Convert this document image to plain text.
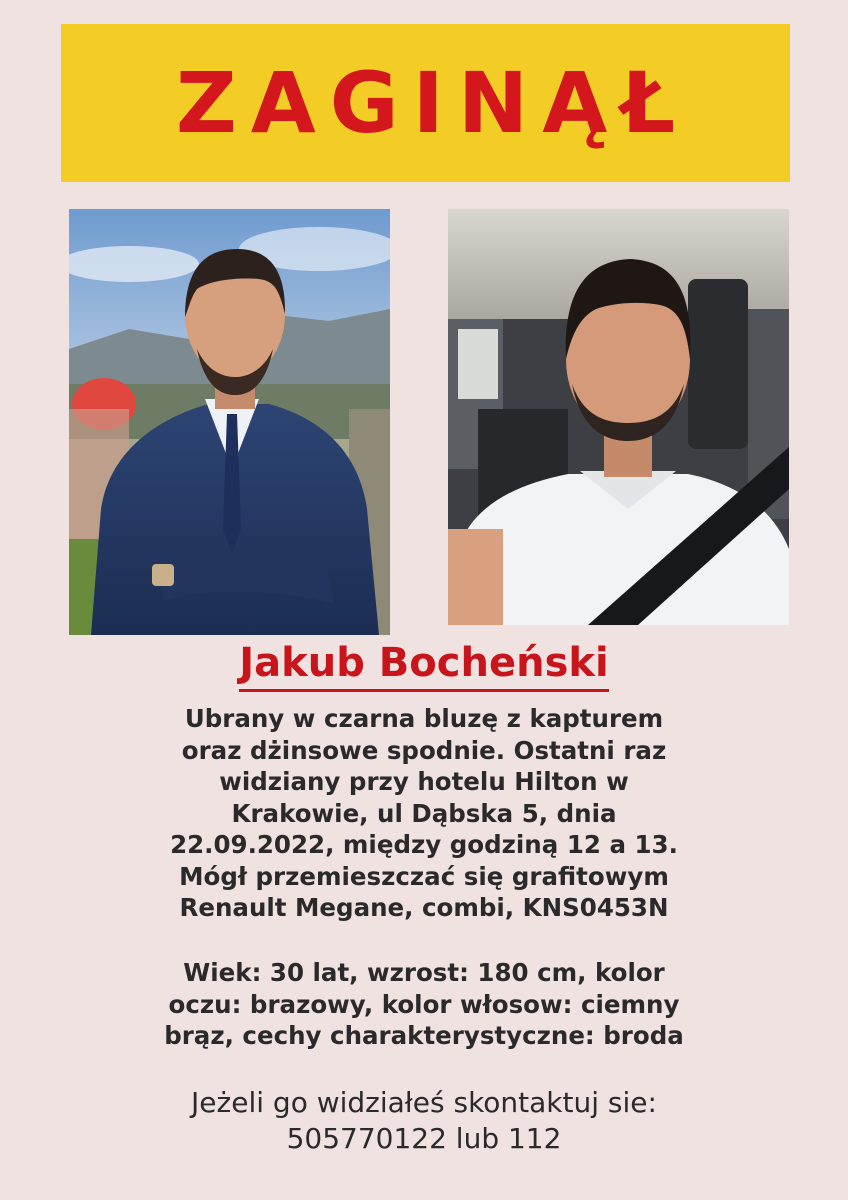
ZAGINĄŁ
Jakub Bocheński
Ubrany w czarna bluzę z kapturem
oraz dżinsowe spodnie. Ostatni raz
widziany przy hotelu Hilton w
Krakowie, ul Dąbska 5, dnia
22.09.2022, między godziną 12 a 13.
Mógł przemieszczać się grafitowym
Renault Megane, combi, KNS0453N
Wiek: 30 lat, wzrost: 180 cm, kolor
oczu: brazowy, kolor włosow: ciemny
brąz, cechy charakterystyczne: broda
Jeżeli go widziałeś skontaktuj sie:
505770122 lub 112
